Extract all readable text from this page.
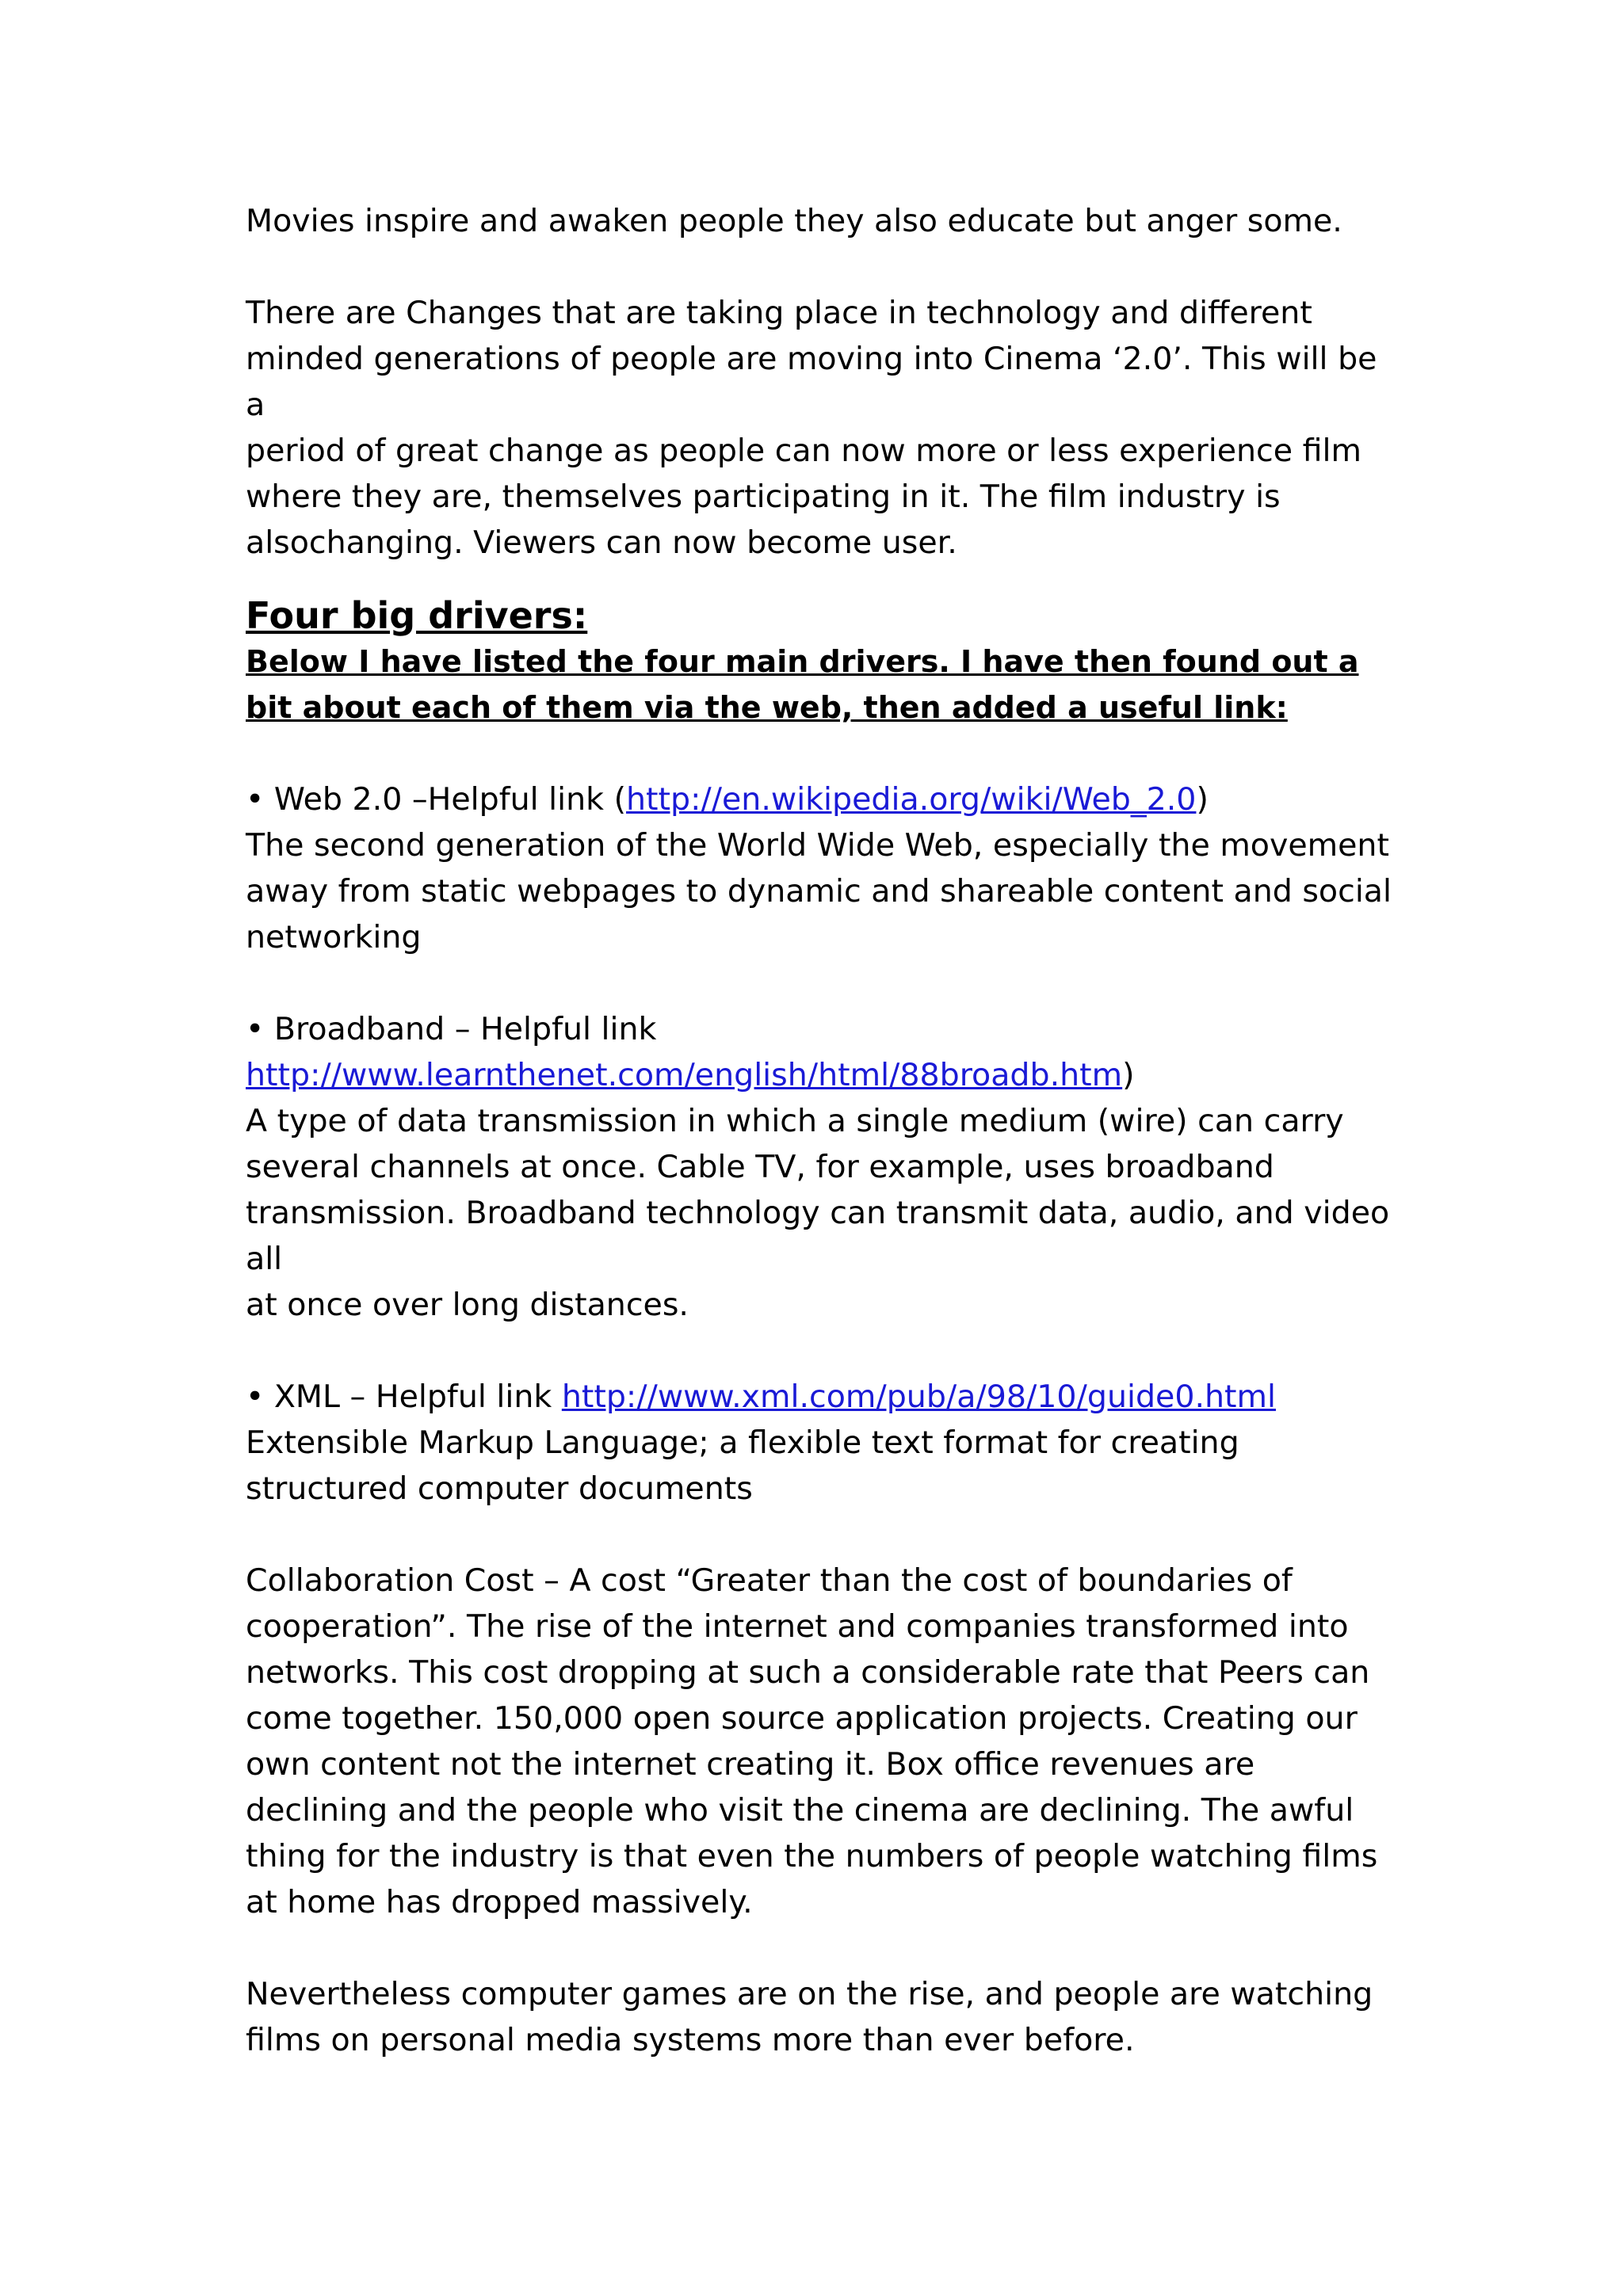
Movies inspire and awaken people they also educate but anger some.

There are Changes that are taking place in technology and different

minded generations of people are moving into Cinema ‘2.0’. This will be a

period of great change as people can now more or less experience film

where they are, themselves participating in it. The film industry is

alsochanging. Viewers can now become user.

Four big drivers:

Below I have listed the four main drivers. I have then found out a

bit about each of them via the web, then added a useful link:

• Web 2.0 –Helpful link (http://en.wikipedia.org/wiki/Web_2.0)

The second generation of the World Wide Web, especially the movement

away from static webpages to dynamic and shareable content and social

networking

• Broadband – Helpful link

http://www.learnthenet.com/english/html/88broadb.htm)

A type of data transmission in which a single medium (wire) can carry

several channels at once. Cable TV, for example, uses broadband

transmission. Broadband technology can transmit data, audio, and video all

at once over long distances.

• XML – Helpful link http://www.xml.com/pub/a/98/10/guide0.html

Extensible Markup Language; a flexible text format for creating

structured computer documents

Collaboration Cost – A cost “Greater than the cost of boundaries of

cooperation”. The rise of the internet and companies transformed into

networks. This cost dropping at such a considerable rate that Peers can

come together. 150,000 open source application projects. Creating our

own content not the internet creating it. Box office revenues are

declining and the people who visit the cinema are declining. The awful

thing for the industry is that even the numbers of people watching films

at home has dropped massively.

Nevertheless computer games are on the rise, and people are watching

films on personal media systems more than ever before.
